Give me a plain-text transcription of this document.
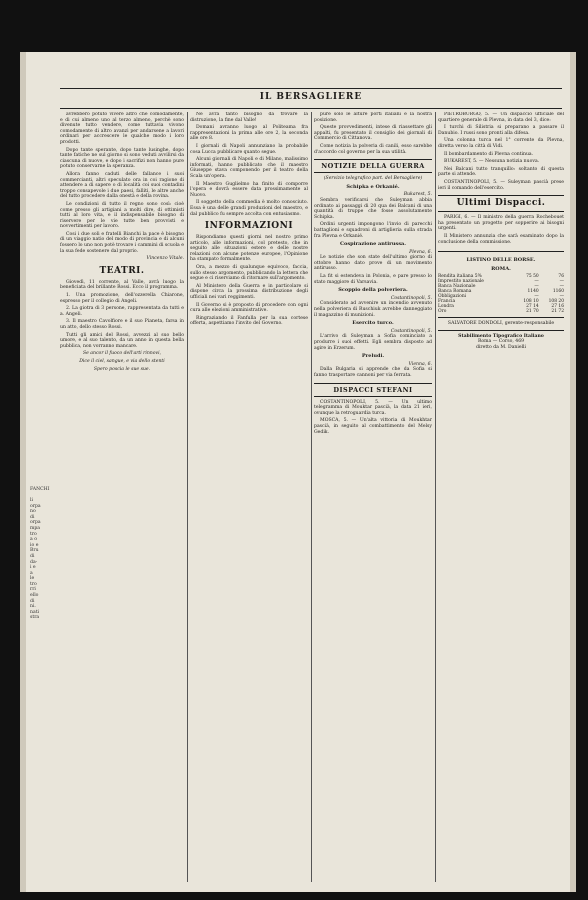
IL BERSAGLIERE
FANCHI
li
orpa
no
di
orpa
mpa
tro
a o
io e
Bru
di
da-
i e
a
le
tro
rri
ello
di
ni.
nati
stra

avrebbero potuto vivere altro che comodamente, e di cui almeno uno al terzo almeno, perchè sono divenute tutto vendere, come tuttavia vivono comodamente di altro avanzi per andarsene a lavori ordinari per accrescere le qualche modo i loro prodotti.

Dopo tante sperante, dopo tante lusinghe, dopo tante fatiche ne sul giorno si sono veduti avvilirsi da ciascuna di nuove, e dopo i sacrifizi non hanno pure potuto conservarne la speranza.

Allora fanno caduti delle fallance i suoi commercianti, altri speculato ora in coi ragione di attendere a di sapere o di località coi suoi contadini troppo consapevole i due paesi, falliti, le altre anche del tutto procedere dalla onestà e della rovina.

Le condizioni di tutto il regno sono così: cioè come presso gli artigiani a molti dire, di ottimisti tutti al loro vita, e il indispensabile bisogno di riservere per le vie tutte ben provvisti e novvertimenti per lavoro.

Cosi i due soli e fratelli Bianchi la pace è bisogno di un viaggio natio del modo di provincia e di alcuni fossero lo uno non potè trovare i cammini di scuola e la sua fede sostenere dal proprio.

Vincenzo Vitale.
TEATRI.

Giovedì, 11 corrente, al Valle, avrà luogo la beneficiata del brillante Rossi. Ecco il programma.

1. Una promozione, dell'ozzerella Chiarone, espresso per il collegio di Angeli.

2. La giotra di 3 persone, rappresentata da tutti e a. Angeli.

3. Il maestro Cavolfiore e il suo Pianeta, farsa in un atto, dello stesso Rossi.

Tutti gli amici del Rossi, avvezzi al suo bello umore, e al suo talento, da un anno in questa bella pubblica, non vorranno mancare.

Se ancor il fuoco dell'arti rinnovi,
Dice il ciel, sangue, e via dello stenti
Spero poscia le sue sue.

Ne avrà tanto bisogno da trovare la distruzione, la fine dal Valle!

Domani avranno luogo al Politeama fra rappresentazioni la prima alle ore 2, la seconda alle ore 8.

I giornali di Napoli annunziano la probabile cosa Lucca pubblicare quanto segue.

Alcuni giornali di Napoli e di Milano, malissimo informati, hanno pubblicato che il maestro Giuseppe stava componendo per il teatro della Scala un'opera.

Il Maestro Guglielmo ha finito di comporre l'opera e dovrà essere data prossimamente al Nuovo.

Il soggetto della commedia è molto conosciuto. Essa è una delle grandi produzioni del maestro, e dal pubblico fu sempre accolta con entusiasmo.

INFORMAZIONI

Rispondiamo questi giorni nel nostro primo articolo, alle informazioni, col pretesto, che in seguito alle situazioni estere e delle nostre relazioni con alcune potenze europee, l'Opinione ha stampato formalmente.

Ora, a mezzo di qualunque equivoco, faccia, sullo stesso argomento, pubblicando la lettera che segue e ci riserviamo di ritornare sull'argomento.

Al Ministero della Guerra e in particolare si dispone circa la prossima distribuzione degli ufficiali nei vari reggimenti.

Il Governo si è proposto di procedere con ogni cura alle elezioni amministrative.

Ringraziando il Fanfulla per la sua cortese offerta, aspettiamo l'invito del Governo.

pure solo le alture porti italiani e la nostra posizione.

Queste provvedimenti, intese di riassettare gli appalti, fu presentato il consiglio dei giornali di Commercio di Cittanova.

Come notizia la polveria di canili, esso sarebbe d'accordo col governo per la sua utilità.

NOTIZIE DELLA GUERRA
(Servizio telegrafico part. del Bersagliere)
Schipka e Orkanié.
Bukarest, 5.

Sembra verificarsi che Suleyman abbia ordinato ai passaggi di 20 qua dei Balcani di una quantità di truppe che fosse assolutamente Schipka.

Ordini urgenti impongono l'invio di parecchi battaglioni e squadroni di artiglieria sulla strada fra Plevna e Orkanié.

Cospirazione antirussa.
Plevna, 6.

Le notizie che son state dell'ultimo giorno di ottobre hanno dato prove di un movimento antirusso.

La fit si estendeva in Polonia, e pare presso lo stato maggiore di Varsavia.

Scoppio della polveriera.
Costantinopoli, 5.

Considerato ad avvenire un incendio avvenuto nella polveriera di Ruschiuk avrebbe danneggiato il magazzino di munizioni.

Esercito turco.
Costantinopoli, 5.

L'arrivo di Suleyman a Sofia cominciato a produrre i suoi effetti. Egli sembra disposto ad agire in Erzerum.

Preludi.
Vienna, 6.

Dalla Bulgaria si apprende che da Sofia si fanno trasportare cannoni per via ferrata.

DISPACCI STEFANI

COSTANTINOPOLI, 5. — Un ultimo telegramma di Mouktar pascià, la data 21 ieri, ovunque la retroguardia turca.

MOSCA, 5. — Un'alta vittoria di Moukhtar pascià, in seguito al combattimento del Melsy Gedik.

PIETROBURGO, 5. — Un dispaccio ufficiale del quartiere generale di Plevna, in data del 3, dice:

I turchi di Silistria si preparano a passare il Danubio. I russi sono pronti alla difesa.

Una colonna turca nel 1° corrente da Plevna, diretta verso la città di Vidi.

Il bombardamento di Plevna continua.

BUKAREST, 5. — Nessuna notizia nuova.

Nei Balcani tutto tranquillo: soltanto di questa parte si attende.

COSTANTINOPOLI, 5. — Suleyman pascià prese ieri il comando dell'esercito.

Ultimi Dispacci.

PARIGI, 6. — Il ministro della guerra Rochebouet ha presentato un progetto per sopperire ai bisogni urgenti.

Il Ministero annunzia che sarà esaminato dopo la conclusione della commissione.

LISTINO DELLE BORSE.
ROMA.
Rendita italiana 5%	75 50	76
Imprestito nazionale	—	—
Banca Nazionale	—	—
Banca Romana	1140	1160
Obbligazioni	—	—
Francia	108 10	108 20
Londra	27 14	27 16
Oro	21 70	21 72
SALVATORE DONDOLI, gerente-responsabile
Stabilimento Tipografico Italiano
Roma — Corso, 469
diretto da M. Danielli
